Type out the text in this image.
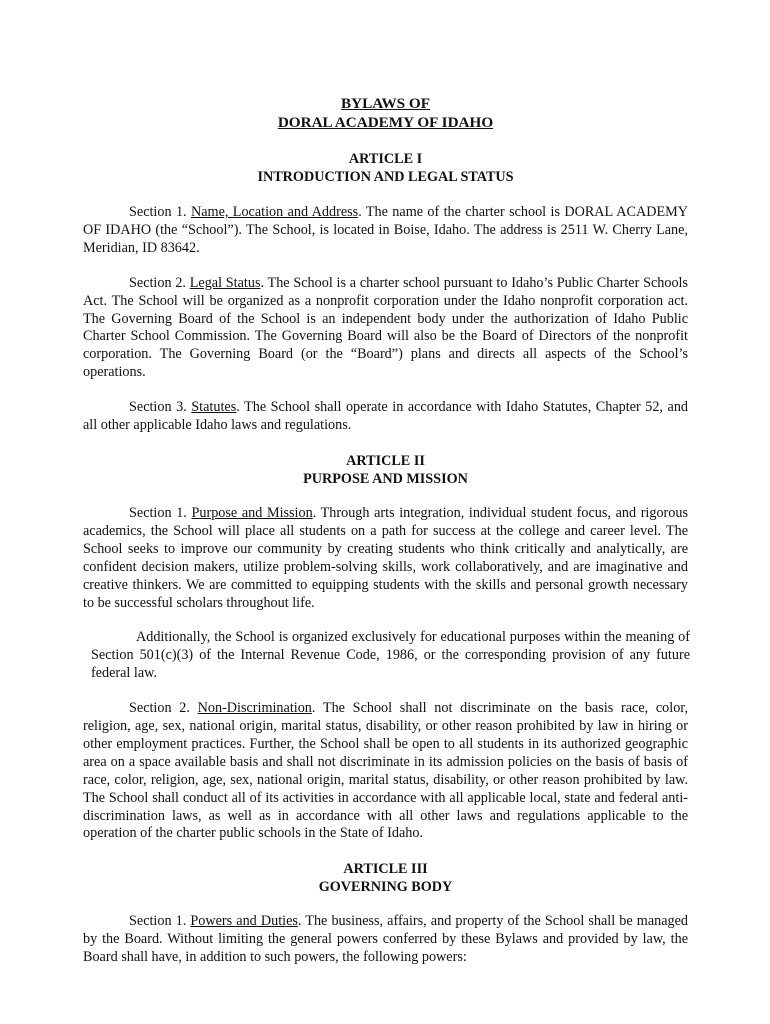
BYLAWS OF
DORAL ACADEMY OF IDAHO
ARTICLE I
INTRODUCTION AND LEGAL STATUS

Section 1. Name, Location and Address. The name of the charter school is DORAL ACADEMY OF IDAHO (the “School”). The School, is located in Boise, Idaho. The address is 2511 W. Cherry Lane, Meridian, ID 83642.

Section 2. Legal Status. The School is a charter school pursuant to Idaho’s Public Charter Schools Act. The School will be organized as a nonprofit corporation under the Idaho nonprofit corporation act. The Governing Board of the School is an independent body under the authorization of Idaho Public Charter School Commission. The Governing Board will also be the Board of Directors of the nonprofit corporation. The Governing Board (or the “Board”) plans and directs all aspects of the School’s operations.

Section 3. Statutes. The School shall operate in accordance with Idaho Statutes, Chapter 52, and all other applicable Idaho laws and regulations.

ARTICLE II
PURPOSE AND MISSION

Section 1. Purpose and Mission. Through arts integration, individual student focus, and rigorous academics, the School will place all students on a path for success at the college and career level. The School seeks to improve our community by creating students who think critically and analytically, are confident decision makers, utilize problem-solving skills, work collaboratively, and are imaginative and creative thinkers. We are committed to equipping students with the skills and personal growth necessary to be successful scholars throughout life.

Additionally, the School is organized exclusively for educational purposes within the meaning of Section 501(c)(3) of the Internal Revenue Code, 1986, or the corresponding provision of any future federal law.

Section 2. Non-Discrimination. The School shall not discriminate on the basis race, color, religion, age, sex, national origin, marital status, disability, or other reason prohibited by law in hiring or other employment practices. Further, the School shall be open to all students in its authorized geographic area on a space available basis and shall not discriminate in its admission policies on the basis of basis of race, color, religion, age, sex, national origin, marital status, disability, or other reason prohibited by law. The School shall conduct all of its activities in accordance with all applicable local, state and federal anti-discrimination laws, as well as in accordance with all other laws and regulations applicable to the operation of the charter public schools in the State of Idaho.

ARTICLE III
GOVERNING BODY

Section 1. Powers and Duties. The business, affairs, and property of the School shall be managed by the Board. Without limiting the general powers conferred by these Bylaws and provided by law, the Board shall have, in addition to such powers, the following powers:
